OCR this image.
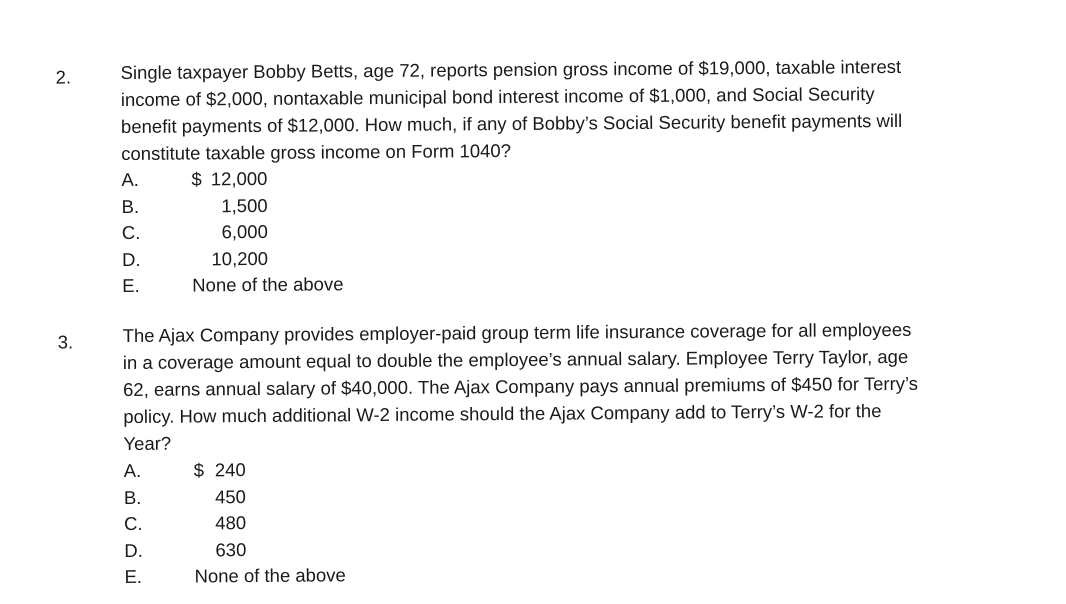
2.	Single taxpayer Bobby Betts, age 72, reports pension gross income of $19,000, taxable interest
income of $2,000, nontaxable municipal bond interest income of $1,000, and Social Security
benefit payments of $12,000. How much, if any of Bobby’s Social Security benefit payments will
constitute taxable gross income on Form 1040?
A.	$ 12,000
B.	1,500
C.	6,000
D.	10,200
E.	None of the above
3.	The Ajax Company provides employer-paid group term life insurance coverage for all employees
in a coverage amount equal to double the employee’s annual salary. Employee Terry Taylor, age
62, earns annual salary of $40,000. The Ajax Company pays annual premiums of $450 for Terry’s
policy. How much additional W-2 income should the Ajax Company add to Terry’s W-2 for the
Year?
A.	$ 240
B.	450
C.	480
D.	630
E.	None of the above
